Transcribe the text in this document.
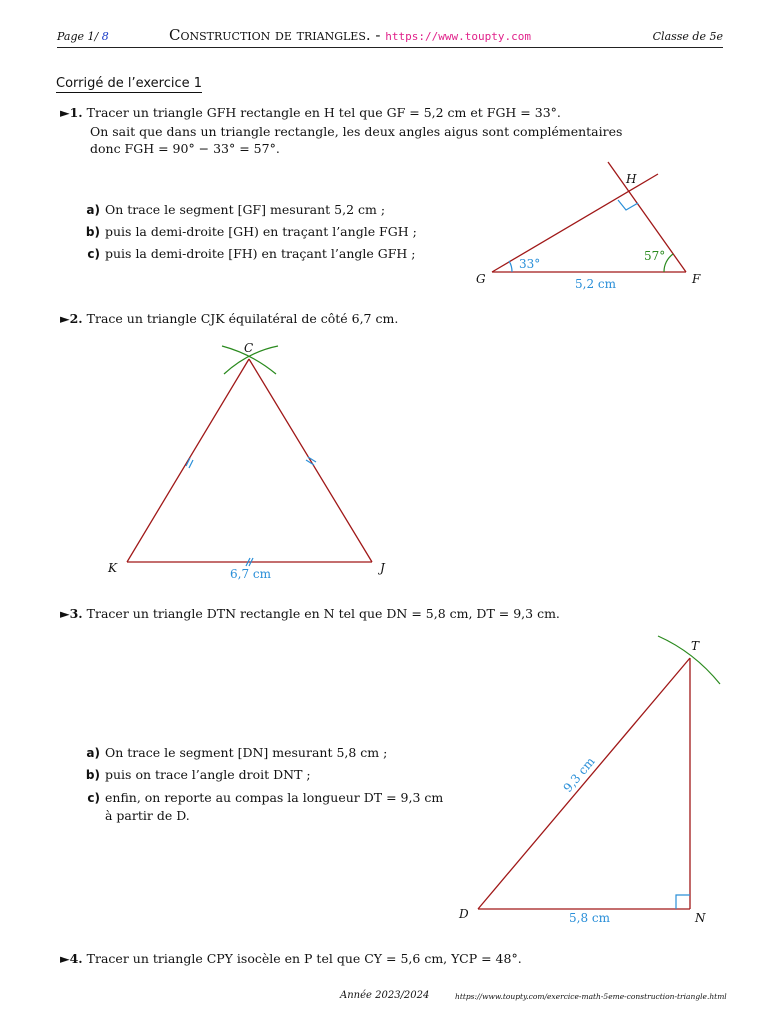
Page 1/ 8	Construction de triangles. - https://www.toupty.com	Classe de 5e
Corrigé de l’exercice 1
►1. Tracer un triangle GFH rectangle en H tel que GF = 5,2 cm et FGH = 33°.
On sait que dans un triangle rectangle, les deux angles aigus sont complémentaires
donc FGH = 90° − 33° = 57°.
a) On trace le segment [GF] mesurant 5,2 cm ;
b) puis la demi-droite [GH) en traçant l’angle FGH ;
c) puis la demi-droite [FH) en traçant l’angle GFH ;
G	F
H
33°
57°
5,2 cm
►2. Trace un triangle CJK équilatéral de côté 6,7 cm.
C
K	J
6,7 cm
►3. Tracer un triangle DTN rectangle en N tel que DN = 5,8 cm, DT = 9,3 cm.
a) On trace le segment [DN] mesurant 5,8 cm ;
b) puis on trace l’angle droit DNT ;
c) enfin, on reporte au compas la longueur DT = 9,3 cm
à partir de D.
D	N
T
5,8 cm
9,3 cm
►4. Tracer un triangle CPY isocèle en P tel que CY = 5,6 cm, YCP = 48°.
Année 2023/2024	https://www.toupty.com/exercice-math-5eme-construction-triangle.html
